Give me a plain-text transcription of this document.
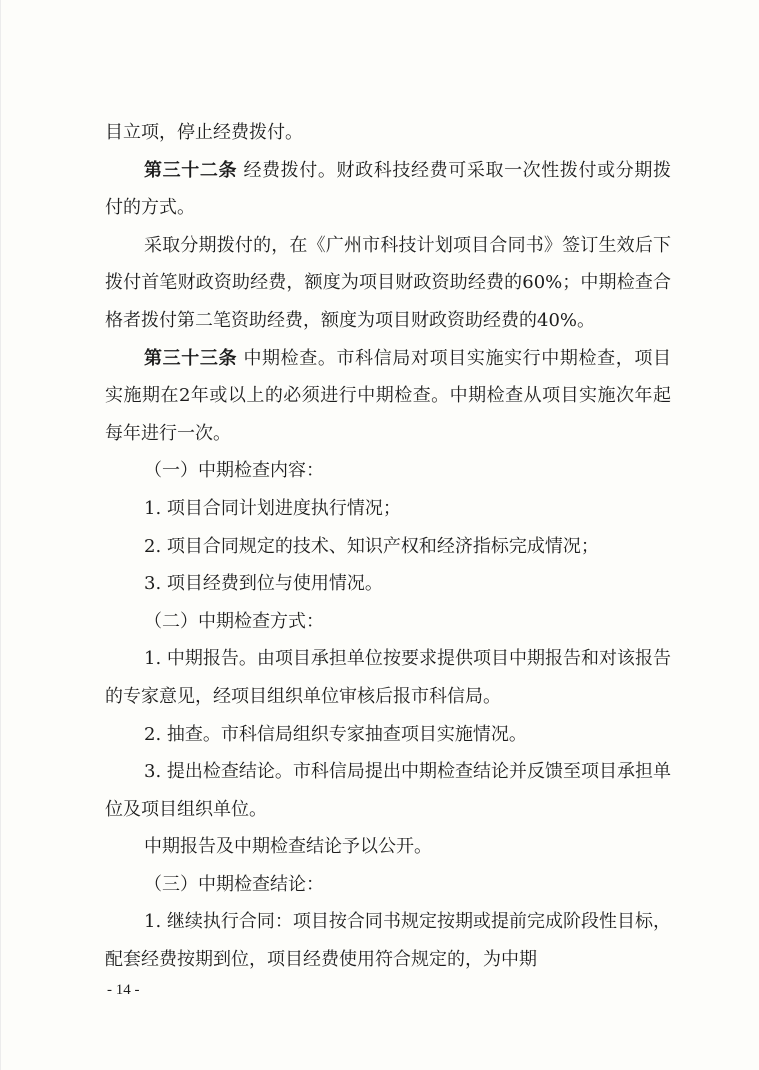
目立项，停止经费拨付。

第三十二条 经费拨付。财政科技经费可采取一次性拨付或分期拨付的方式。

采取分期拨付的，在《广州市科技计划项目合同书》签订生效后下拨付首笔财政资助经费，额度为项目财政资助经费的60%；中期检查合格者拨付第二笔资助经费，额度为项目财政资助经费的40%。

第三十三条 中期检查。市科信局对项目实施实行中期检查，项目实施期在2年或以上的必须进行中期检查。中期检查从项目实施次年起每年进行一次。

（一）中期检查内容：

1. 项目合同计划进度执行情况；

2. 项目合同规定的技术、知识产权和经济指标完成情况；

3. 项目经费到位与使用情况。

（二）中期检查方式：

1. 中期报告。由项目承担单位按要求提供项目中期报告和对该报告的专家意见，经项目组织单位审核后报市科信局。

2. 抽查。市科信局组织专家抽查项目实施情况。

3. 提出检查结论。市科信局提出中期检查结论并反馈至项目承担单位及项目组织单位。

中期报告及中期检查结论予以公开。

（三）中期检查结论：

1. 继续执行合同：项目按合同书规定按期或提前完成阶段性目标，配套经费按期到位，项目经费使用符合规定的，为中期

- 14 -
